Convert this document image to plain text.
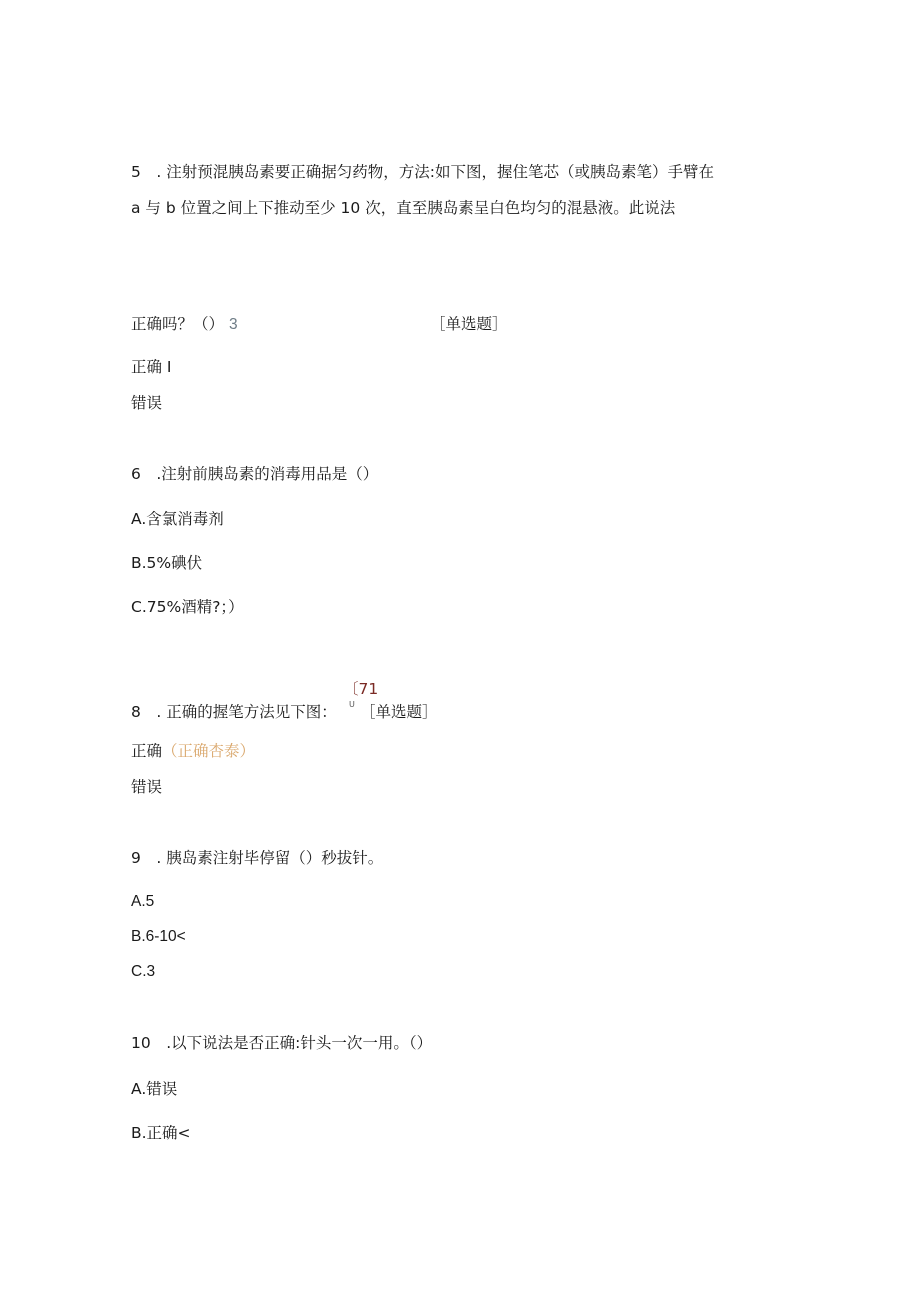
5　. 注射预混胰岛素要正确据匀药物，方法:如下图，握住笔芯（或胰岛素笔）手臂在
a 与 b 位置之间上下推动至少 10 次，直至胰岛素呈白色均匀的混悬液。此说法
正确吗？（） 3	［单选题］
正确 I
错误
6　.注射前胰岛素的消毒用品是（）
A.含氯消毒剂
B.5%碘伏
C.75%酒精?；）
〔71
8　. 正确的握笔方法见下图： U ［单选题］
正确（正确杏泰）
错误
9　. 胰岛素注射毕停留（）秒拔针。
A.5
B.6-10<
C.3
10　.以下说法是否正确:针头一次一用。（）
A.错误
B.正确<
